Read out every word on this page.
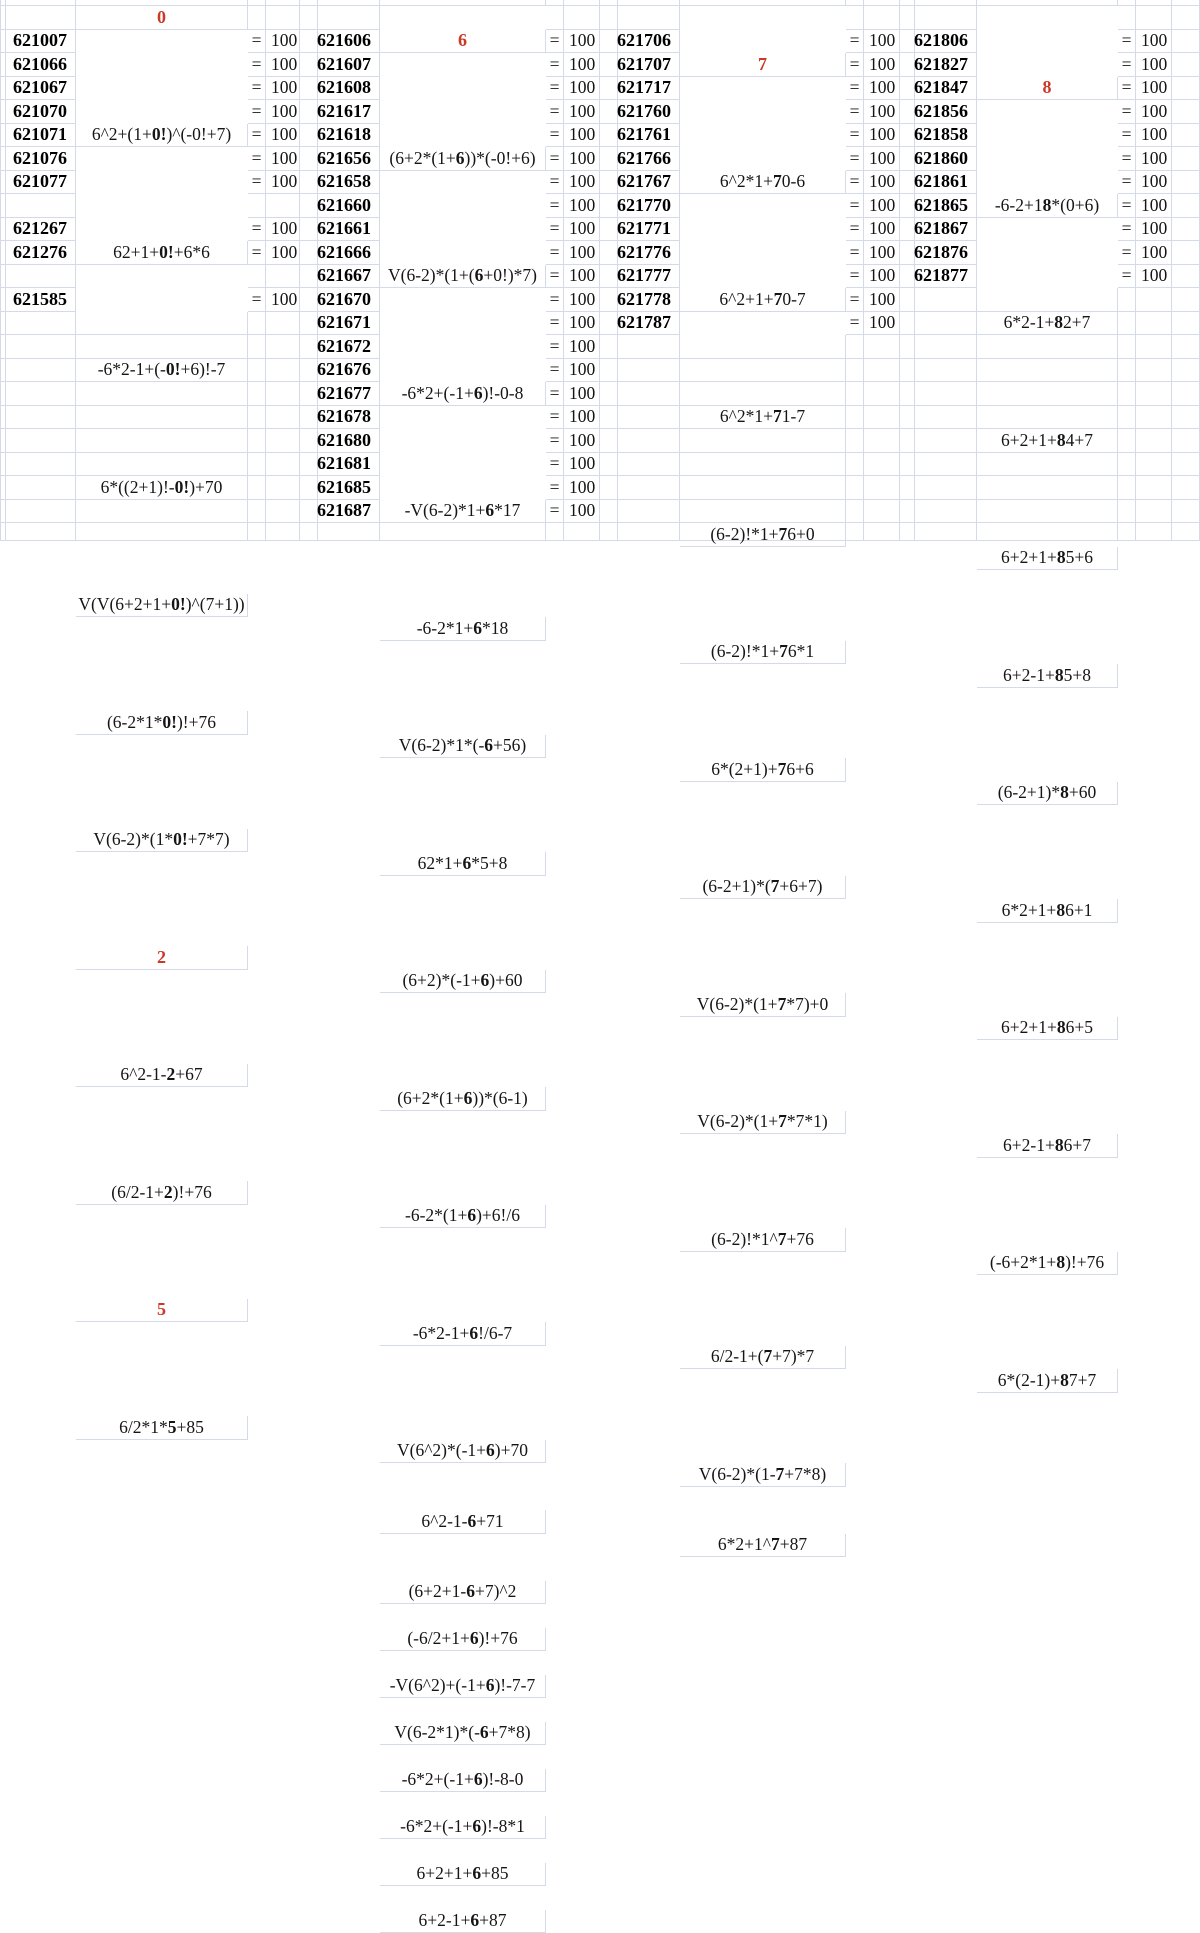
0
6
7
8
621007
6^2+(1+ 0! )^(-0!+7)
= 100 621606
(6+2*(1+ 6 ))*(-0!+6)
= 100 621706
6^2*1+ 7 0-6
= 100 621806
-6-2+1 8 *(0+6)
= 100
621066
62+1+ 0! +6*6
= 100 621607
V(6-2)*(1+( 6 +0!)*7)
= 100 621707
6^2+1+ 7 0-7
= 100 621827
6*2-1+ 8 2+7
= 100
621067
-6*2-1+(- 0! +6)!-7
= 100 621608
-6*2+(-1+ 6 )!-0-8
= 100 621717
6^2*1+ 7 1-7
= 100 621847
6+2+1+ 8 4+7
= 100
621070
6*((2+1)!- 0! )+70
= 100 621617
-V(6-2)*1+ 6 *17
= 100 621760
(6-2)!*1+ 7 6+0
= 100 621856
6+2+1+ 8 5+6
= 100
621071
V(V(6+2+1+ 0! )^(7+1))
= 100 621618
-6-2*1+ 6 *18
= 100 621761
(6-2)!*1+ 7 6*1
= 100 621858
6+2-1+ 8 5+8
= 100
621076
(6-2*1* 0! )!+76
= 100 621656
V(6-2)*1*(- 6 +56)
= 100 621766
6*(2+1)+ 7 6+6
= 100 621860
(6-2+1)* 8 +60
= 100
621077
V(6-2)*(1* 0! +7*7)
= 100 621658
62*1+ 6 *5+8
= 100 621767
(6-2+1)*( 7 +6+7)
= 100 621861
6*2+1+ 8 6+1
= 100
2
621660
(6+2)*(-1+ 6 )+60
= 100 621770
V(6-2)*(1+ 7 *7)+0
= 100 621865
6+2+1+ 8 6+5
= 100
621267
6^2-1- 2 +67
= 100 621661
(6+2*(1+ 6 ))*(6-1)
= 100 621771
V(6-2)*(1+ 7 *7*1)
= 100 621867
6+2-1+ 8 6+7
= 100
621276
(6/2-1+ 2 )!+76
= 100 621666
-6-2*(1+ 6 )+6!/6
= 100 621776
(6-2)!*1^ 7 +76
= 100 621876
(-6+2*1+ 8 )!+76
= 100
5
621667
-6*2-1+ 6 !/6-7
= 100 621777
6/2-1+( 7 +7)*7
= 100 621877
6*(2-1)+ 8 7+7
= 100
621585
6/2*1* 5 +85
= 100 621670
V(6^2)*(-1+ 6 )+70
= 100 621778
V(6-2)*(1- 7 +7*8)
= 100
621671
6^2-1- 6 +71
= 100 621787
6*2+1^ 7 +87
= 100
621672
(6+2+1- 6 +7)^2
= 100
621676
(-6/2+1+ 6 )!+76
= 100
621677
-V(6^2)+(-1+ 6 )!-7-7
= 100
621678
V(6-2*1)*(- 6 +7*8)
= 100
621680
-6*2+(-1+ 6 )!-8-0
= 100
621681
-6*2+(-1+ 6 )!-8*1
= 100
621685
6+2+1+ 6 +85
= 100
621687
6+2-1+ 6 +87
= 100
